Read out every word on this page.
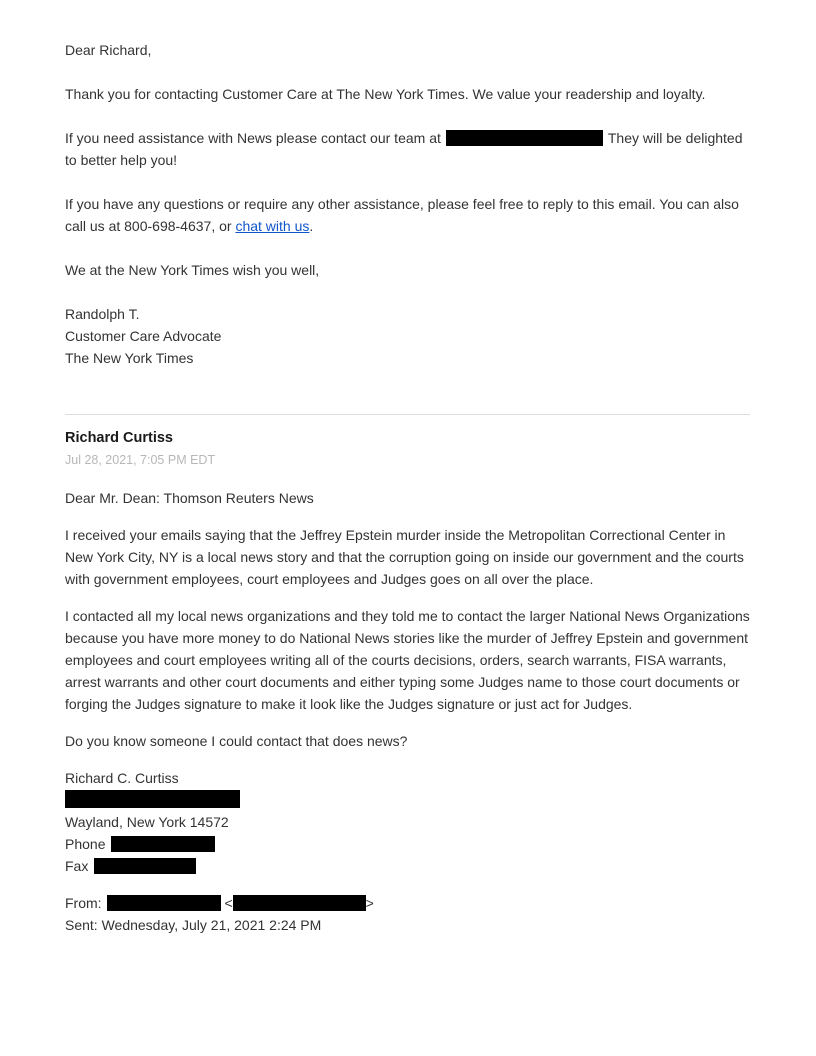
Dear Richard,

Thank you for contacting Customer Care at The New York Times. We value your readership and loyalty.

If you need assistance with News please contact our team at	They will be delighted to better help you!

If you have any questions or require any other assistance, please feel free to reply to this email. You can also call us at 800-698-4637, or chat with us.

We at the New York Times wish you well,

Randolph T.
Customer Care Advocate
The New York Times

Richard Curtiss
Jul 28, 2021, 7:05 PM EDT

Dear Mr. Dean: Thomson Reuters News

I received your emails saying that the Jeffrey Epstein murder inside the Metropolitan Correctional Center in New York City, NY is a local news story and that the corruption going on inside our government and the courts with government employees, court employees and Judges goes on all over the place.

I contacted all my local news organizations and they told me to contact the larger National News Organizations because you have more money to do National News stories like the murder of Jeffrey Epstein and government employees and court employees writing all of the courts decisions, orders, search warrants, FISA warrants, arrest warrants and other court documents and either typing some Judges name to those court documents or forging the Judges signature to make it look like the Judges signature or just act for Judges.

Do you know someone I could contact that does news?

Richard C. Curtiss
Wayland, New York 14572
Phone
Fax

From:	<	>
Sent: Wednesday, July 21, 2021 2:24 PM
